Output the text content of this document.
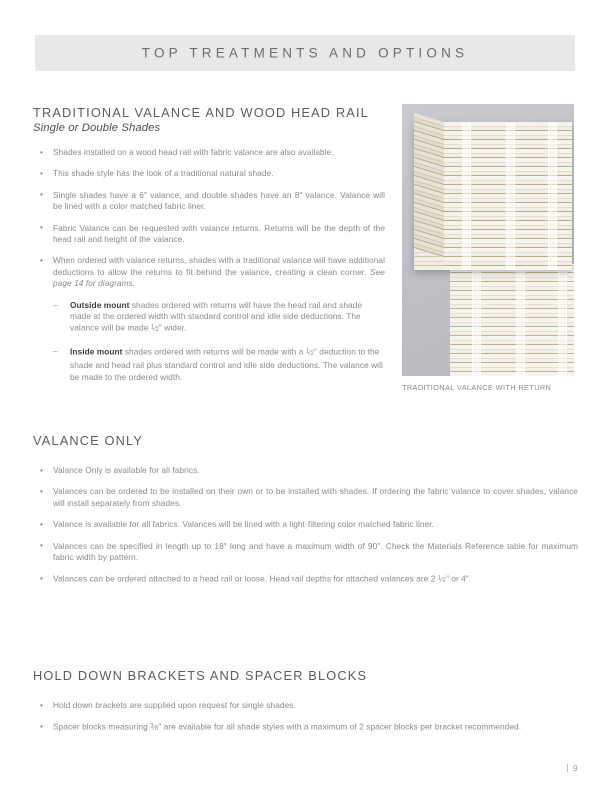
TOP TREATMENTS AND OPTIONS
TRADITIONAL VALANCE AND WOOD HEAD RAIL
Single or Double Shades
• Shades installed on a wood head rail with fabric valance are also available.
• This shade style has the look of a traditional natural shade.
• Single shades have a 6″ valance, and double shades have an 8″ valance. Valance will be lined with a color matched fabric liner.
• Fabric Valance can be requested with valance returns. Returns will be the depth of the head rail and height of the valance.
• When ordered with valance returns, shades with a traditional valance will have additional deductions to allow the returns to fit behind the valance, creating a clean corner. See page 14 for diagrams.
– Outside mount shades ordered with returns will have the head rail and shade made at the ordered width with standard control and idle side deductions. The valance will be made $^1$⁄2″ wider.
– Inside mount shades ordered with returns will be made with a $^1$⁄2″ deduction to the shade and head rail plus standard control and idle side deductions. The valance will be made to the ordered width.
TRADITIONAL VALANCE WITH RETURN
VALANCE ONLY
• Valance Only is available for all fabrics.
• Valances can be ordered to be installed on their own or to be installed with shades. If ordering the fabric valance to cover shades, valance will install separately from shades.
• Valance is available for all fabrics. Valances will be lined with a light-filtering color matched fabric liner.
• Valances can be specified in length up to 18″ long and have a maximum width of 90″. Check the Materials Reference table for maximum fabric width by pattern.
• Valances can be ordered attached to a head rail or loose. Head rail depths for attached valances are 2 $^1$⁄2″ or 4″.
HOLD DOWN BRACKETS AND SPACER BLOCKS
• Hold down brackets are supplied upon request for single shades.
• Spacer blocks measuring $^3$⁄8″ are available for all shade styles with a maximum of 2 spacer blocks per bracket recommended.
9
